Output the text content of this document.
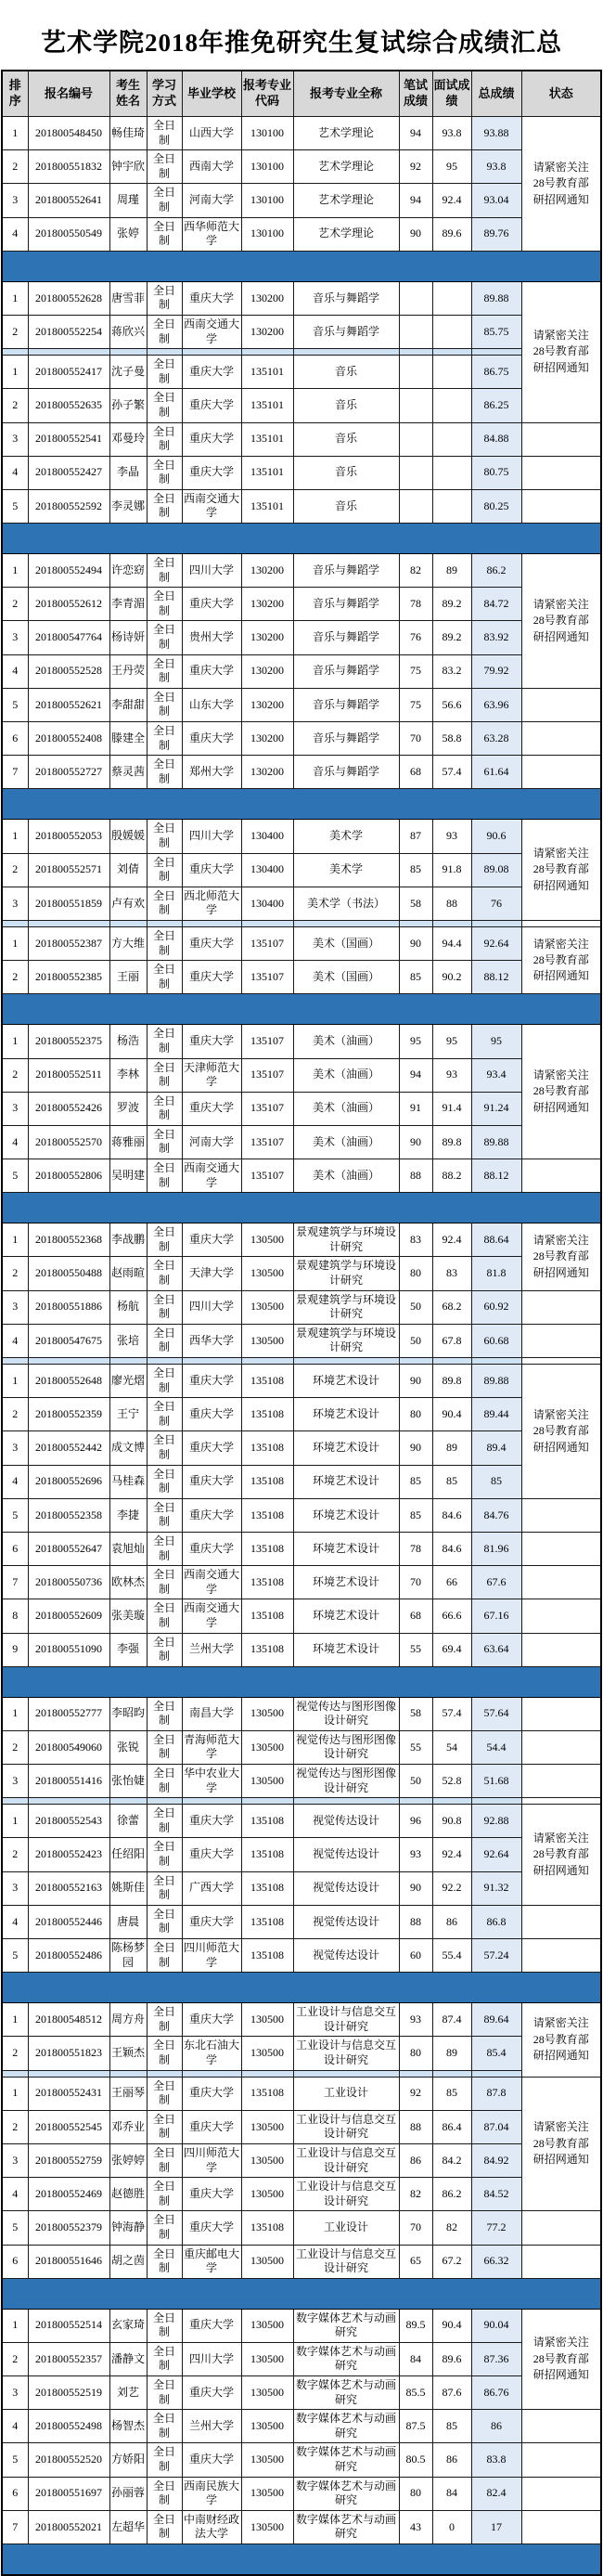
艺术学院2018年推免研究生复试综合成绩汇总
排序	报名编号	考生姓名	学习方式	毕业学校	报考专业代码	报考专业全称	笔试成绩	面试成绩	总成绩	状态
1	201800548450	畅佳琦	全日制	山西大学	130100	艺术学理论	94	93.8	93.88	请紧密关注28号教育部研招网通知
2	201800551832	钟宇欣	全日制	西南大学	130100	艺术学理论	92	95	93.8	
3	201800552641	周瑾	全日制	河南大学	130100	艺术学理论	94	92.4	93.04	
4	201800550549	张婷	全日制	西华师范大学	130100	艺术学理论	90	89.6	89.76	

1	201800552628	唐雪菲	全日制	重庆大学	130200	音乐与舞蹈学			89.88	请紧密关注28号教育部研招网通知
2	201800552254	蒋欣兴	全日制	西南交通大学	130200	音乐与舞蹈学			85.75	

1	201800552417	沈子曼	全日制	重庆大学	135101	音乐			86.75	
2	201800552635	孙子繁	全日制	重庆大学	135101	音乐			86.25	
3	201800552541	邓曼玲	全日制	重庆大学	135101	音乐			84.88	
4	201800552427	李晶	全日制	重庆大学	135101	音乐			80.75	
5	201800552592	李灵娜	全日制	西南交通大学	135101	音乐			80.25	

1	201800552494	许恋窈	全日制	四川大学	130200	音乐与舞蹈学	82	89	86.2	请紧密关注28号教育部研招网通知
2	201800552612	李青湄	全日制	重庆大学	130200	音乐与舞蹈学	78	89.2	84.72	
3	201800547764	杨诗妍	全日制	贵州大学	130200	音乐与舞蹈学	76	89.2	83.92	
4	201800552528	王丹荧	全日制	重庆大学	130200	音乐与舞蹈学	75	83.2	79.92	
5	201800552621	李甜甜	全日制	山东大学	130200	音乐与舞蹈学	75	56.6	63.96	
6	201800552408	滕建全	全日制	重庆大学	130200	音乐与舞蹈学	70	58.8	63.28	
7	201800552727	蔡灵茜	全日制	郑州大学	130200	音乐与舞蹈学	68	57.4	61.64	

1	201800552053	殷媛媛	全日制	四川大学	130400	美术学	87	93	90.6	请紧密关注28号教育部研招网通知
2	201800552571	刘倩	全日制	重庆大学	130400	美术学	85	91.8	89.08	
3	201800551859	卢有欢	全日制	西北师范大学	130400	美术学（书法）	58	88	76	

1	201800552387	方大维	全日制	重庆大学	135107	美术（国画）	90	94.4	92.64	请紧密关注28号教育部研招网通知
2	201800552385	王丽	全日制	重庆大学	135107	美术（国画）	85	90.2	88.12	

1	201800552375	杨浩	全日制	重庆大学	135107	美术（油画）	95	95	95	请紧密关注28号教育部研招网通知
2	201800552511	李林	全日制	天津师范大学	135107	美术（油画）	94	93	93.4	
3	201800552426	罗波	全日制	重庆大学	135107	美术（油画）	91	91.4	91.24	
4	201800552570	蒋雅丽	全日制	河南大学	135107	美术（油画）	90	89.8	89.88	
5	201800552806	吴明建	全日制	西南交通大学	135107	美术（油画）	88	88.2	88.12	

1	201800552368	李战鹏	全日制	重庆大学	130500	景观建筑学与环境设计研究	83	92.4	88.64	请紧密关注28号教育部研招网通知
2	201800550488	赵雨暄	全日制	天津大学	130500	景观建筑学与环境设计研究	80	83	81.8	
3	201800551886	杨航	全日制	四川大学	130500	景观建筑学与环境设计研究	50	68.2	60.92	
4	201800547675	张培	全日制	西华大学	130500	景观建筑学与环境设计研究	50	67.8	60.68	

1	201800552648	廖光熠	全日制	重庆大学	135108	环境艺术设计	90	89.8	89.88	请紧密关注28号教育部研招网通知
2	201800552359	王宁	全日制	重庆大学	135108	环境艺术设计	80	90.4	89.44	
3	201800552442	成文博	全日制	重庆大学	135108	环境艺术设计	90	89	89.4	
4	201800552696	马桂森	全日制	重庆大学	135108	环境艺术设计	85	85	85	
5	201800552358	李捷	全日制	重庆大学	135108	环境艺术设计	85	84.6	84.76	
6	201800552647	袁旭灿	全日制	重庆大学	135108	环境艺术设计	78	84.6	81.96	
7	201800550736	欧林杰	全日制	西南交通大学	135108	环境艺术设计	70	66	67.6	
8	201800552609	张美璇	全日制	西南交通大学	135108	环境艺术设计	68	66.6	67.16	
9	201800551090	李强	全日制	兰州大学	135108	环境艺术设计	55	69.4	63.64	

1	201800552777	李昭昀	全日制	南昌大学	130500	视觉传达与图形图像设计研究	58	57.4	57.64	
2	201800549060	张锐	全日制	青海师范大学	130500	视觉传达与图形图像设计研究	55	54	54.4	
3	201800551416	张怡婕	全日制	华中农业大学	130500	视觉传达与图形图像设计研究	50	52.8	51.68	

1	201800552543	徐蕾	全日制	重庆大学	135108	视觉传达设计	96	90.8	92.88	请紧密关注28号教育部研招网通知
2	201800552423	任绍阳	全日制	重庆大学	135108	视觉传达设计	93	92.4	92.64	
3	201800552163	姚斯佳	全日制	广西大学	135108	视觉传达设计	90	92.2	91.32	
4	201800552446	唐晨	全日制	重庆大学	135108	视觉传达设计	88	86	86.8	
5	201800552486	陈杨梦园	全日制	四川师范大学	135108	视觉传达设计	60	55.4	57.24	

1	201800548512	周方舟	全日制	重庆大学	130500	工业设计与信息交互设计研究	93	87.4	89.64	请紧密关注28号教育部研招网通知
2	201800551823	王颖杰	全日制	东北石油大学	130500	工业设计与信息交互设计研究	80	89	85.4	

1	201800552431	王丽琴	全日制	重庆大学	135108	工业设计	92	85	87.8	请紧密关注28号教育部研招网通知
2	201800552545	邓乔业	全日制	重庆大学	130500	工业设计与信息交互设计研究	88	86.4	87.04	
3	201800552759	张婷婷	全日制	四川师范大学	130500	工业设计与信息交互设计研究	86	84.2	84.92	
4	201800552469	赵德胜	全日制	重庆大学	130500	工业设计与信息交互设计研究	82	86.2	84.52	
5	201800552379	钟海静	全日制	重庆大学	135108	工业设计	70	82	77.2	
6	201800551646	胡之茵	全日制	重庆邮电大学	130500	工业设计与信息交互设计研究	65	67.2	66.32	

1	201800552514	玄家琦	全日制	重庆大学	130500	数字媒体艺术与动画研究	89.5	90.4	90.04	请紧密关注28号教育部研招网通知
2	201800552357	潘静文	全日制	四川大学	130500	数字媒体艺术与动画研究	84	89.6	87.36	
3	201800552519	刘艺	全日制	重庆大学	130500	数字媒体艺术与动画研究	85.5	87.6	86.76	
4	201800552498	杨智杰	全日制	兰州大学	130500	数字媒体艺术与动画研究	87.5	85	86	
5	201800552520	方娇阳	全日制	重庆大学	130500	数字媒体艺术与动画研究	80.5	86	83.8	
6	201800551697	孙丽蓉	全日制	西南民族大学	130500	数字媒体艺术与动画研究	80	84	82.4	
7	201800552021	左超华	全日制	中南财经政法大学	130500	数字媒体艺术与动画研究	43	0	17	
